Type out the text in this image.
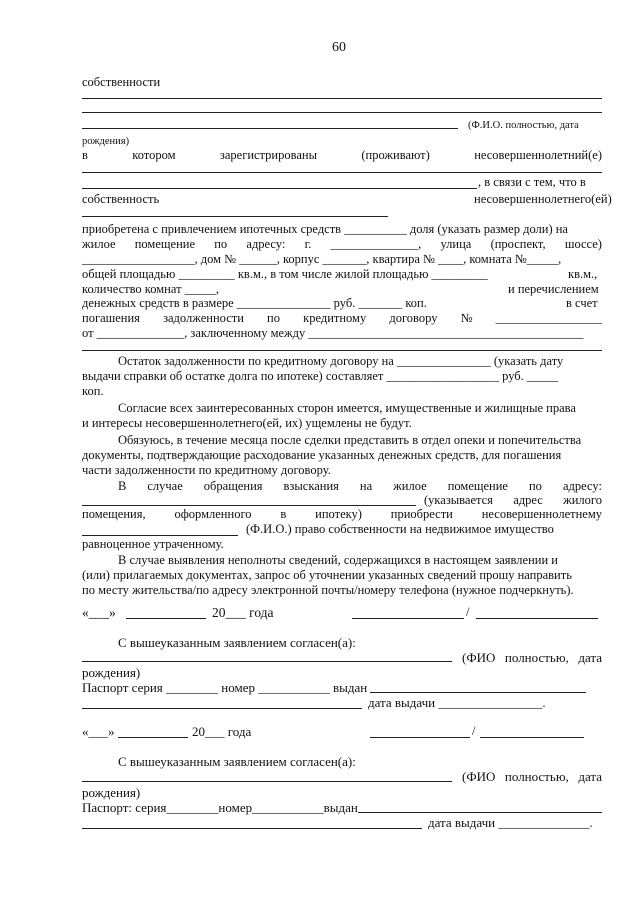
60
собственности
(Ф.И.О. полностью, дата
рождения)
в	котором	зарегистрированы	(проживают)	несовершеннолетний(е)
, в связи с тем, что в
собственность	несовершеннолетнего(ей)
приобретена с привлечением ипотечных средств __________ доля (указать размер доли) на
жилое помещение по адресу: г. ______________, улица (проспект, шоссе)
__________________, дом № ______, корпус _______, квартира № ____, комната №_____,
общей площадью _________ кв.м., в том числе жилой площадью _________	кв.м.,
количество комнат _____,	и перечислением
денежных средств в размере _______________ руб. _______ коп.	в счет
погашения задолженности по кредитному договору № _________________
от ______________, заключенному между ____________________________________________
Остаток задолженности по кредитному договору на _______________ (указать дату
выдачи справки об остатке долга по ипотеке) составляет __________________ руб. _____
коп.
Согласие всех заинтересованных сторон имеется, имущественные и жилищные права
и интересы несовершеннолетнего(ей, их) ущемлены не будут.
Обязуюсь, в течение месяца после сделки представить в отдел опеки и попечительства
документы, подтверждающие расходование указанных денежных средств, для погашения
части задолженности по кредитному договору.
В случае обращения взыскания на жилое помещение по адресу:
(указывается адрес жилого
помещения, оформленного в ипотеку) приобрести несовершеннолетнему
(Ф.И.О.) право собственности на недвижимое имущество
равноценное утраченному.
В случае выявления неполноты сведений, содержащихся в настоящем заявлении и
(или) прилагаемых документах, запрос об уточнении указанных сведений прошу направить
по месту жительства/по адресу электронной почты/номеру телефона (нужное подчеркнуть).
«___»	20___ года	/
С вышеуказанным заявлением согласен(а):
(ФИО полностью, дата
рождения)
Паспорт серия ________ номер ___________ выдан
дата выдачи ________________.
«___»	20___ года	/
С вышеуказанным заявлением согласен(а):
(ФИО полностью, дата
рождения)
Паспорт: серия________номер___________выдан
дата выдачи ______________.
